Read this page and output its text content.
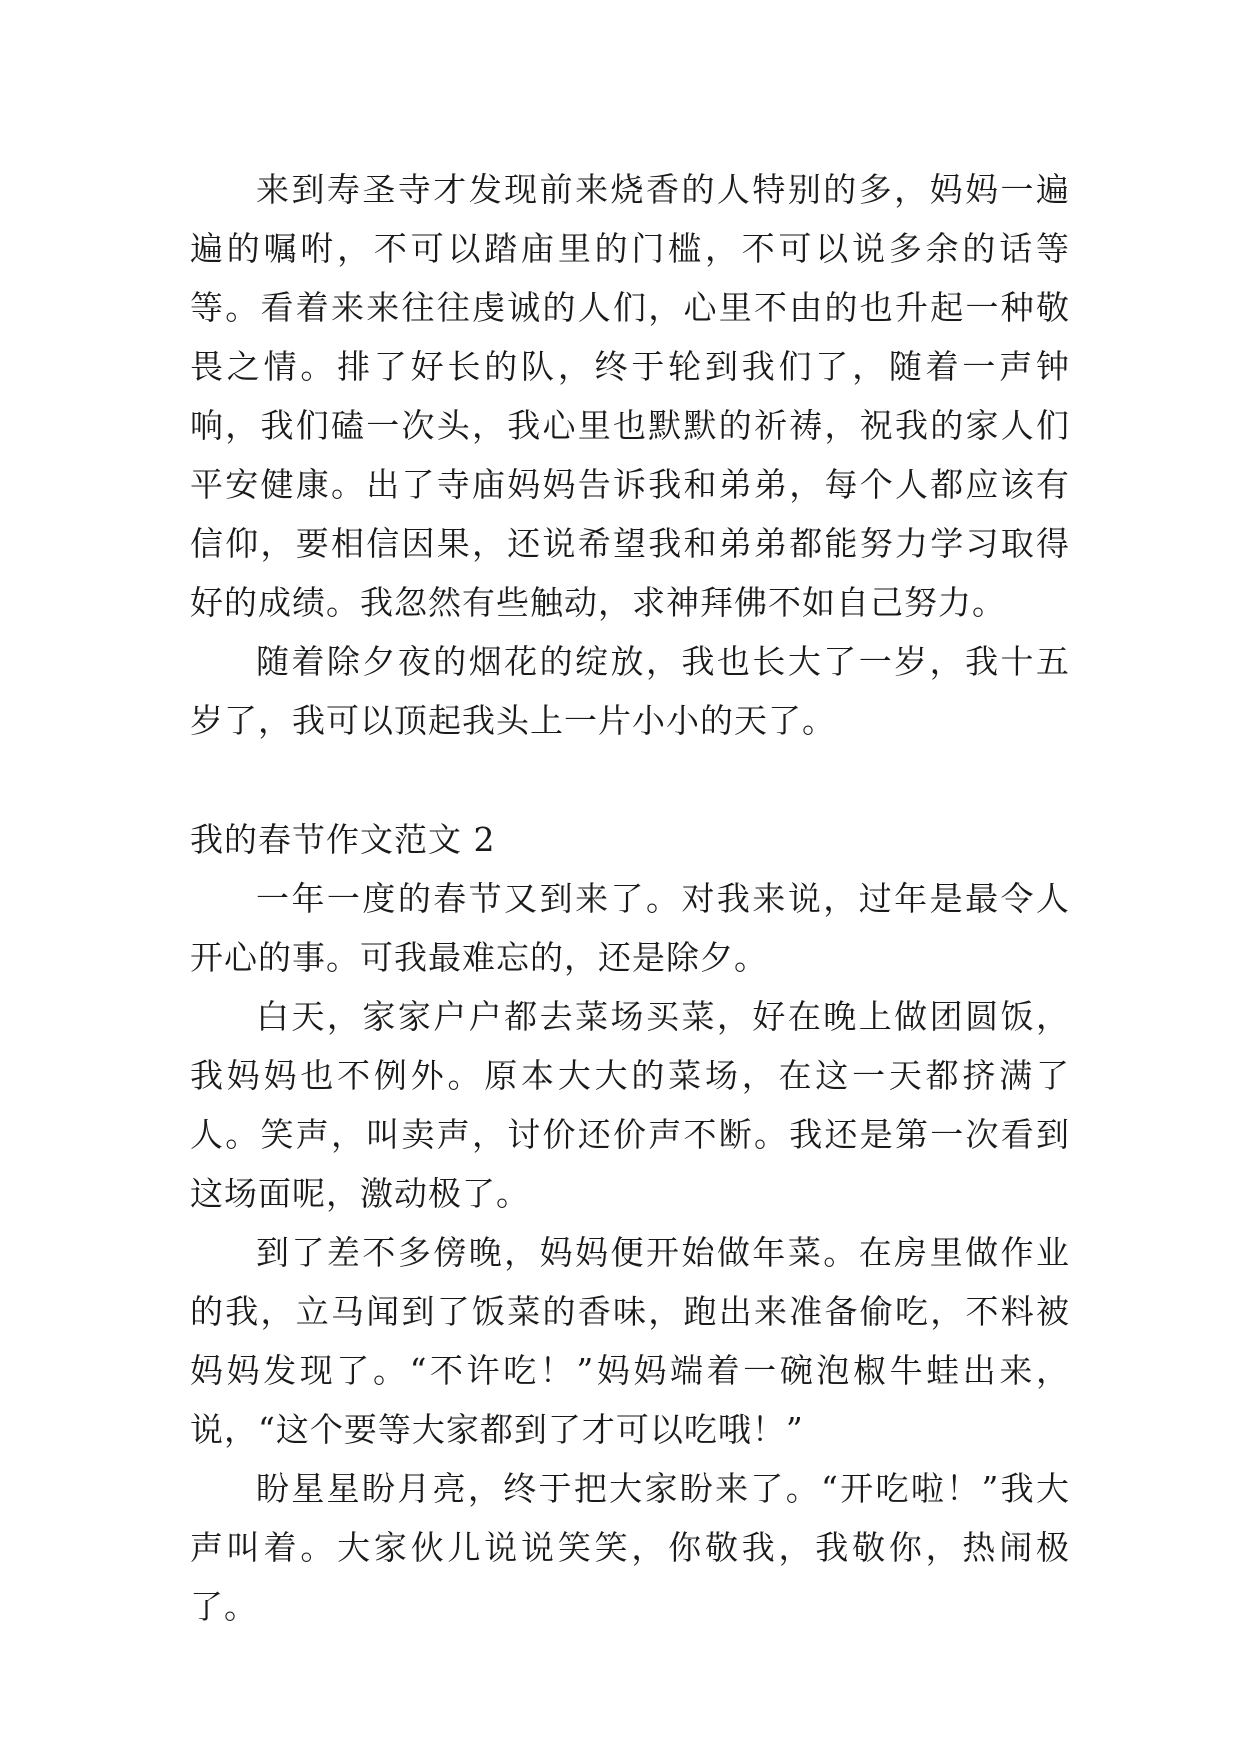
来到寿圣寺才发现前来烧香的人特别的多，妈妈一遍遍的嘱咐，不可以踏庙里的门槛，不可以说多余的话等等。看着来来往往虔诚的人们，心里不由的也升起一种敬畏之情。排了好长的队，终于轮到我们了，随着一声钟响，我们磕一次头，我心里也默默的祈祷，祝我的家人们平安健康。出了寺庙妈妈告诉我和弟弟，每个人都应该有信仰，要相信因果，还说希望我和弟弟都能努力学习取得好的成绩。我忽然有些触动，求神拜佛不如自己努力。

随着除夕夜的烟花的绽放，我也长大了一岁，我十五岁了，我可以顶起我头上一片小小的天了。

我的春节作文范文 2

一年一度的春节又到来了。对我来说，过年是最令人开心的事。可我最难忘的，还是除夕。

白天，家家户户都去菜场买菜，好在晚上做团圆饭，我妈妈也不例外。原本大大的菜场，在这一天都挤满了人。笑声，叫卖声，讨价还价声不断。我还是第一次看到这场面呢，激动极了。

到了差不多傍晚，妈妈便开始做年菜。在房里做作业的我，立马闻到了饭菜的香味，跑出来准备偷吃，不料被妈妈发现了。“不许吃！”妈妈端着一碗泡椒牛蛙出来，说，“这个要等大家都到了才可以吃哦！”

盼星星盼月亮，终于把大家盼来了。“开吃啦！”我大声叫着。大家伙儿说说笑笑，你敬我，我敬你，热闹极了。
